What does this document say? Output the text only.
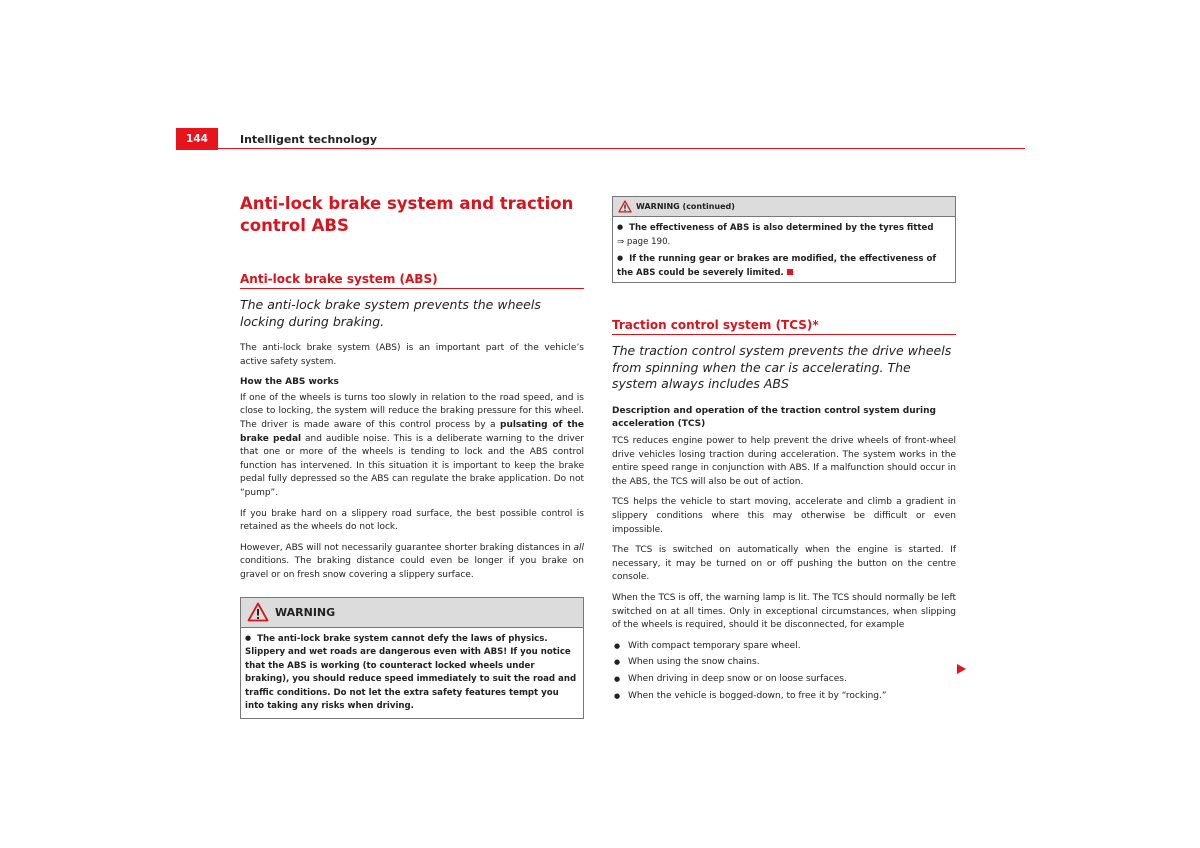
144	Intelligent technology
Anti-lock brake system and traction control ABS
Anti-lock brake system (ABS)
The anti-lock brake system prevents the wheels locking during braking.

The anti-lock brake system (ABS) is an important part of the vehicle’s active safety system.

How the ABS works

If one of the wheels is turns too slowly in relation to the road speed, and is close to locking, the system will reduce the braking pressure for this wheel. The driver is made aware of this control process by a pulsating of the brake pedal and audible noise. This is a deliberate warning to the driver that one or more of the wheels is tending to lock and the ABS control function has intervened. In this situation it is important to keep the brake pedal fully depressed so the ABS can regulate the brake application. Do not “pump”.

If you brake hard on a slippery road surface, the best possible control is retained as the wheels do not lock.

However, ABS will not necessarily guarantee shorter braking distances in all conditions. The braking distance could even be longer if you brake on gravel or on fresh snow covering a slippery surface.

WARNING
● The anti-lock brake system cannot defy the laws of physics. Slippery and wet roads are dangerous even with ABS! If you notice that the ABS is working (to counteract locked wheels under braking), you should reduce speed immediately to suit the road and traffic conditions. Do not let the extra safety features tempt you into taking any risks when driving.
WARNING (continued)
● The effectiveness of ABS is also determined by the tyres fitted
⇒ page 190.
● If the running gear or brakes are modified, the effectiveness of the ABS could be severely limited.
Traction control system (TCS)*
The traction control system prevents the drive wheels from spinning when the car is accelerating. The system always includes ABS
Description and operation of the traction control system during acceleration (TCS)

TCS reduces engine power to help prevent the drive wheels of front-wheel drive vehicles losing traction during acceleration. The system works in the entire speed range in conjunction with ABS. If a malfunction should occur in the ABS, the TCS will also be out of action.

TCS helps the vehicle to start moving, accelerate and climb a gradient in slippery conditions where this may otherwise be difficult or even impossible.

The TCS is switched on automatically when the engine is started. If necessary, it may be turned on or off pushing the button on the centre console.

When the TCS is off, the warning lamp is lit. The TCS should normally be left switched on at all times. Only in exceptional circumstances, when slipping of the wheels is required, should it be disconnected, for example

● With compact temporary spare wheel.
● When using the snow chains.
● When driving in deep snow or on loose surfaces.
● When the vehicle is bogged-down, to free it by “rocking.”
